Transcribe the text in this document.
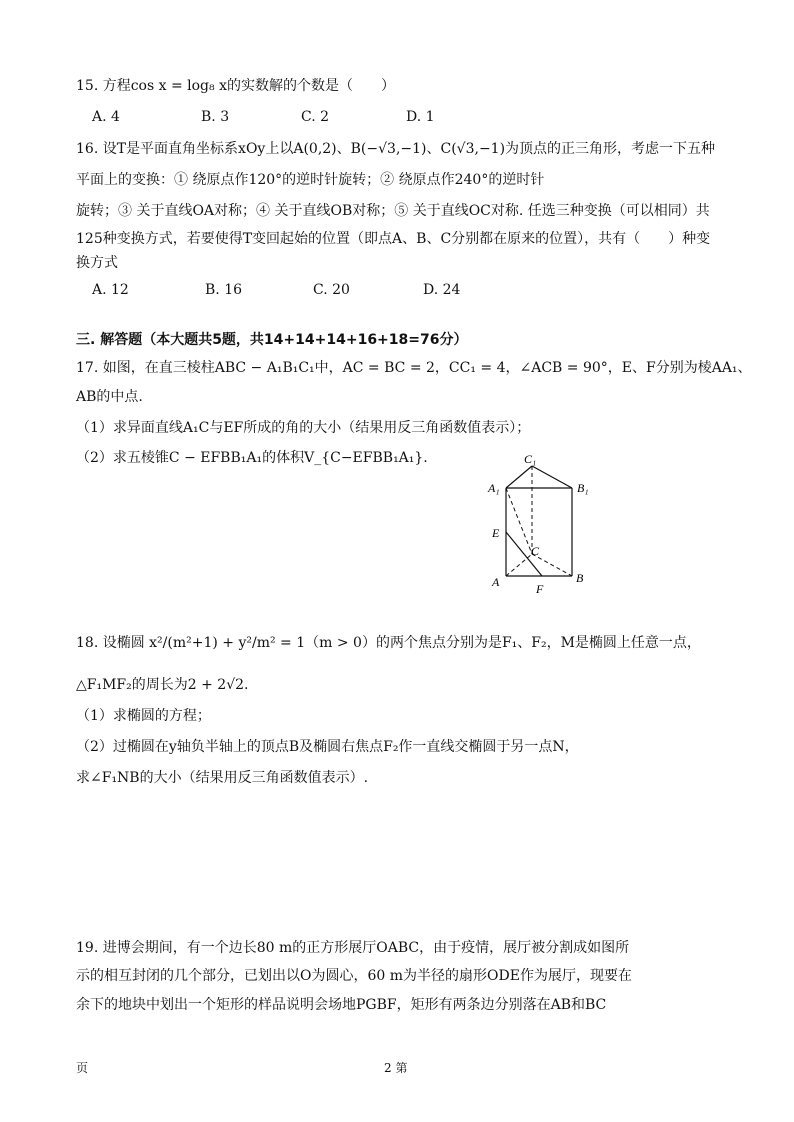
15. 方程cos x = log₈ x的实数解的个数是（　　）
A. 4	B. 3	C. 2	D. 1
16. 设T是平面直角坐标系xOy上以A(0,2)、B(−√3,−1)、C(√3,−1)为顶点的正三角形，考虑一下五种
平面上的变换：① 绕原点作120°的逆时针旋转；② 绕原点作240°的逆时针
旋转；③ 关于直线OA对称；④ 关于直线OB对称；⑤ 关于直线OC对称. 任选三种变换（可以相同）共
125种变换方式，若要使得T变回起始的位置（即点A、B、C分别都在原来的位置），共有（　　）种变
换方式
A. 12	B. 16	C. 20	D. 24
三. 解答题（本大题共5题，共14+14+14+16+18=76分）
17. 如图，在直三棱柱ABC − A₁B₁C₁中，AC = BC = 2，CC₁ = 4，∠ACB = 90°，E、F分别为棱AA₁、
AB的中点.
（1）求异面直线A₁C与EF所成的角的大小（结果用反三角函数值表示）；
（2）求五棱锥C − EFBB₁A₁的体积V_{C−EFBB₁A₁}.	C₁
A₁	B₁
E
C
A	B
F
18. 设椭圆 x²/(m²+1) + y²/m² = 1（m > 0）的两个焦点分别为是F₁、F₂，M是椭圆上任意一点，
△F₁MF₂的周长为2 + 2√2.
（1）求椭圆的方程；
（2）过椭圆在y轴负半轴上的顶点B及椭圆右焦点F₂作一直线交椭圆于另一点N，
求∠F₁NB的大小（结果用反三角函数值表示）.
19. 进博会期间，有一个边长80 m的正方形展厅OABC，由于疫情，展厅被分割成如图所
示的相互封闭的几个部分，已划出以O为圆心，60 m为半径的扇形ODE作为展厅，现要在
余下的地块中划出一个矩形的样品说明会场地PGBF，矩形有两条边分别落在AB和BC
页	2 第
